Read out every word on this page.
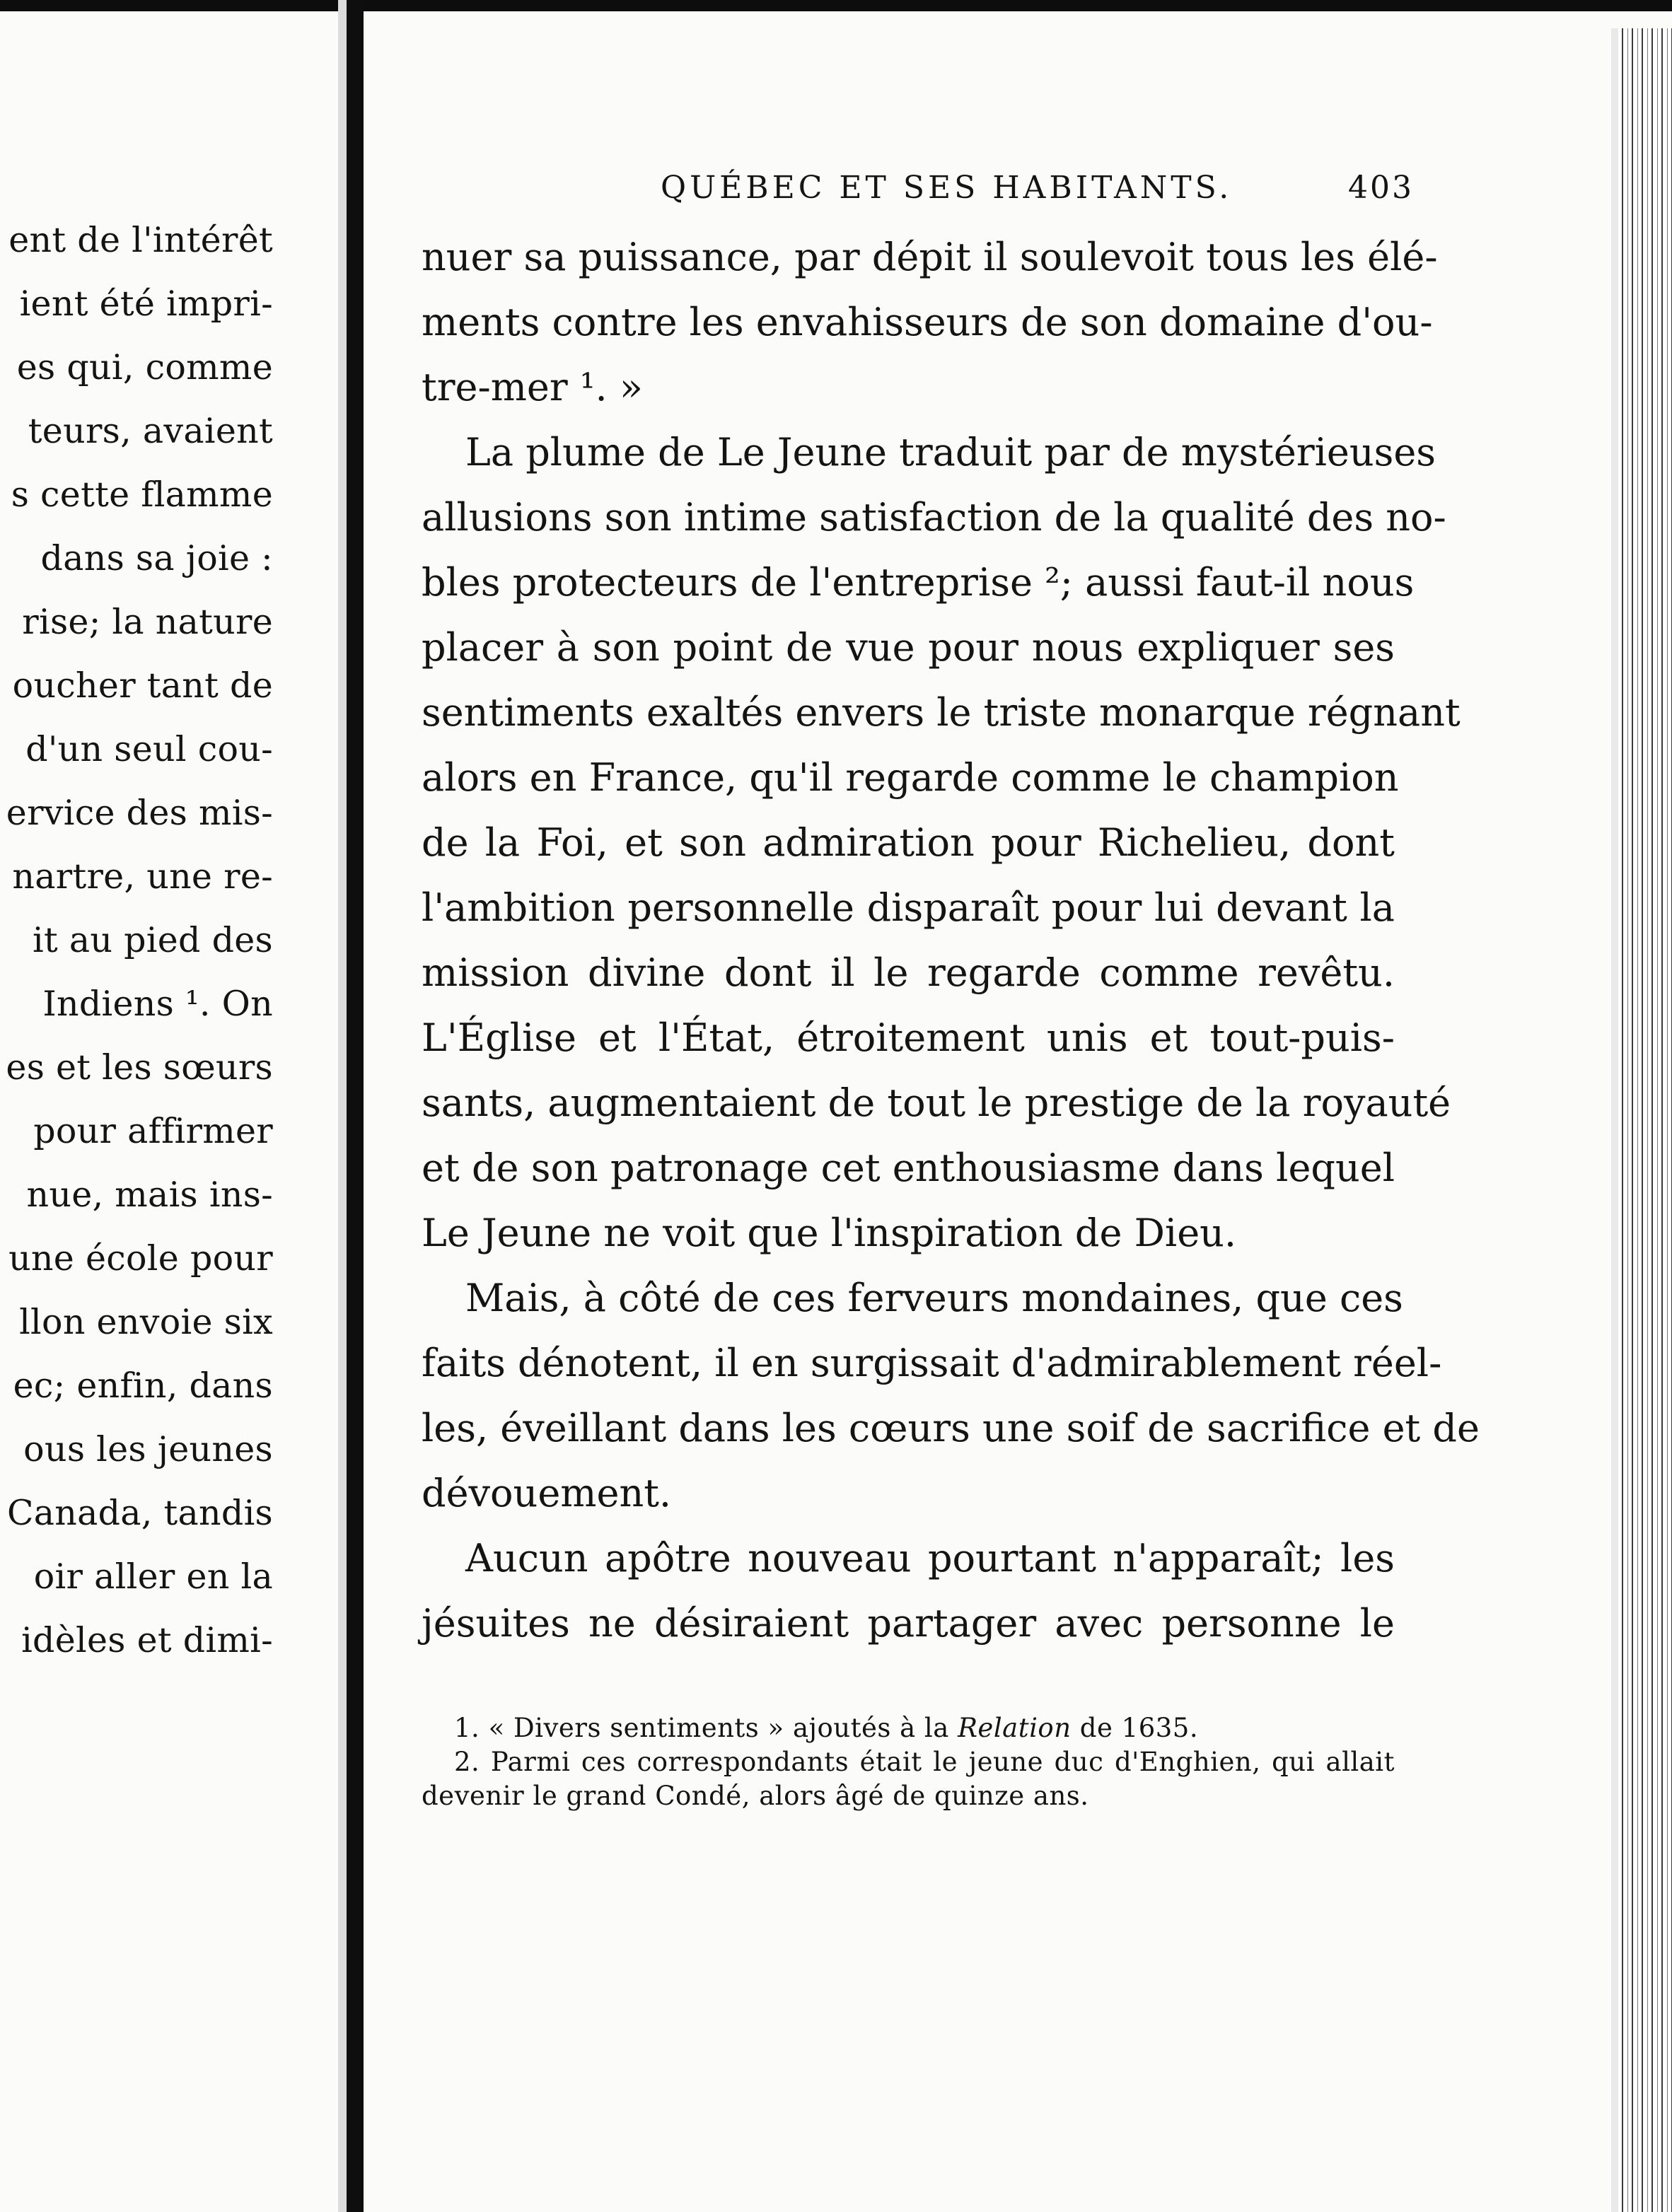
ent de l'intérêt
ient été impri-
es qui, comme
teurs, avaient
s cette flamme
dans sa joie :
rise; la nature
oucher tant de
d'un seul cou-
ervice des mis-
nartre, une re-
it au pied des
Indiens ¹. On
es et les sœurs
pour affirmer
nue, mais ins-
une école pour
llon envoie six
ec; enfin, dans
ous les jeunes
Canada, tandis
oir aller en la
idèles et dimi-
QUÉBEC ET SES HABITANTS.	403
nuer sa puissance, par dépit il soulevoit tous les élé-
ments contre les envahisseurs de son domaine d'ou-
tre-mer ¹. »
La plume de Le Jeune traduit par de mystérieuses
allusions son intime satisfaction de la qualité des no-
bles protecteurs de l'entreprise ²; aussi faut-il nous
placer à son point de vue pour nous expliquer ses
sentiments exaltés envers le triste monarque régnant
alors en France, qu'il regarde comme le champion
de la Foi, et son admiration pour Richelieu, dont
l'ambition personnelle disparaît pour lui devant la
mission divine dont il le regarde comme revêtu.
L'Église et l'État, étroitement unis et tout-puis-
sants, augmentaient de tout le prestige de la royauté
et de son patronage cet enthousiasme dans lequel
Le Jeune ne voit que l'inspiration de Dieu.
Mais, à côté de ces ferveurs mondaines, que ces
faits dénotent, il en surgissait d'admirablement réel-
les, éveillant dans les cœurs une soif de sacrifice et de
dévouement.
Aucun apôtre nouveau pourtant n'apparaît; les
jésuites ne désiraient partager avec personne le
1. « Divers sentiments » ajoutés à la Relation de 1635.
2. Parmi ces correspondants était le jeune duc d'Enghien, qui allait
devenir le grand Condé, alors âgé de quinze ans.
